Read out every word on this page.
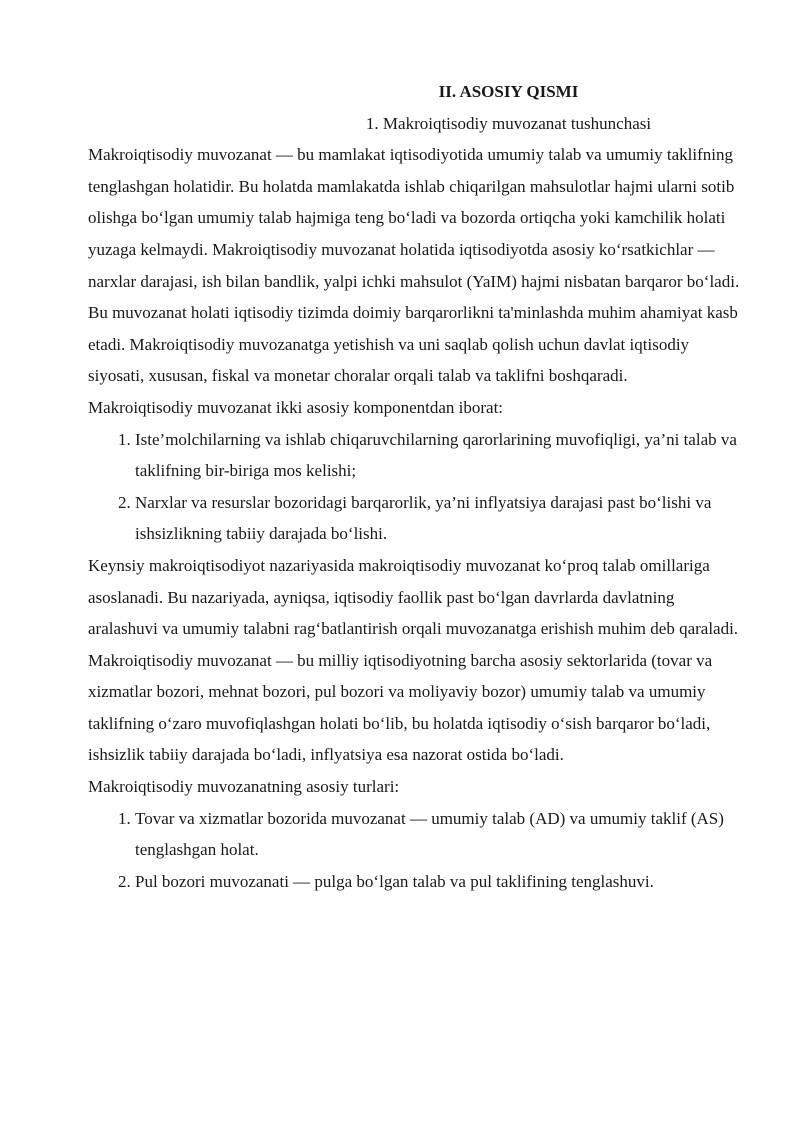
II. ASOSIY QISMI

1. Makroiqtisodiy muvozanat tushunchasi

Makroiqtisodiy muvozanat — bu mamlakat iqtisodiyotida umumiy talab va umumiy taklifning tenglashgan holatidir. Bu holatda mamlakatda ishlab chiqarilgan mahsulotlar hajmi ularni sotib olishga bo‘lgan umumiy talab hajmiga teng bo‘ladi va bozorda ortiqcha yoki kamchilik holati yuzaga kelmaydi. Makroiqtisodiy muvozanat holatida iqtisodiyotda asosiy ko‘rsatkichlar — narxlar darajasi, ish bilan bandlik, yalpi ichki mahsulot (YaIM) hajmi nisbatan barqaror bo‘ladi.

Bu muvozanat holati iqtisodiy tizimda doimiy barqarorlikni ta'minlashda muhim ahamiyat kasb etadi. Makroiqtisodiy muvozanatga yetishish va uni saqlab qolish uchun davlat iqtisodiy siyosati, xususan, fiskal va monetar choralar orqali talab va taklifni boshqaradi.

Makroiqtisodiy muvozanat ikki asosiy komponentdan iborat:

1. Iste’molchilarning va ishlab chiqaruvchilarning qarorlarining muvofiqligi, ya’ni talab va taklifning bir-biriga mos kelishi;
2. Narxlar va resurslar bozoridagi barqarorlik, ya’ni inflyatsiya darajasi past bo‘lishi va ishsizlikning tabiiy darajada bo‘lishi.

Keynsiy makroiqtisodiyot nazariyasida makroiqtisodiy muvozanat ko‘proq talab omillariga asoslanadi. Bu nazariyada, ayniqsa, iqtisodiy faollik past bo‘lgan davrlarda davlatning aralashuvi va umumiy talabni rag‘batlantirish orqali muvozanatga erishish muhim deb qaraladi.

Makroiqtisodiy muvozanat — bu milliy iqtisodiyotning barcha asosiy sektorlarida (tovar va xizmatlar bozori, mehnat bozori, pul bozori va moliyaviy bozor) umumiy talab va umumiy taklifning o‘zaro muvofiqlashgan holati bo‘lib, bu holatda iqtisodiy o‘sish barqaror bo‘ladi, ishsizlik tabiiy darajada bo‘ladi, inflyatsiya esa nazorat ostida bo‘ladi.

Makroiqtisodiy muvozanatning asosiy turlari:

1. Tovar va xizmatlar bozorida muvozanat — umumiy talab (AD) va umumiy taklif (AS) tenglashgan holat.
2. Pul bozori muvozanati — pulga bo‘lgan talab va pul taklifining tenglashuvi.
